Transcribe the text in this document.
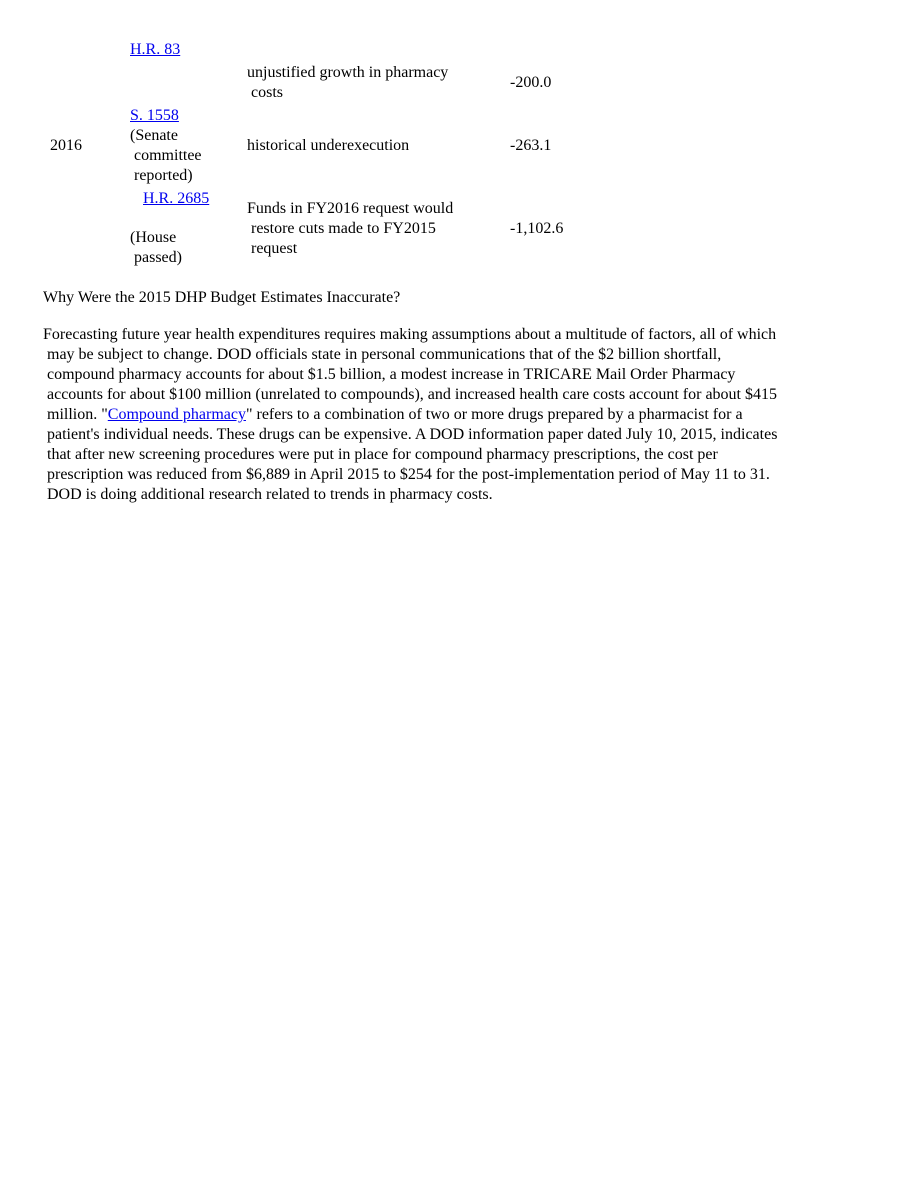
H.R. 83
unjustified growth in pharmacy
costs
-200.0
2016
S. 1558
(Senate
committee
reported)
historical underexecution	-263.1
H.R. 2685
(House
passed)
Funds in FY2016 request would
restore cuts made to FY2015
request
-1,102.6
Why Were the 2015 DHP Budget Estimates Inaccurate?
Forecasting future year health expenditures requires making assumptions about a multitude of factors, all of which
may be subject to change. DOD officials state in personal communications that of the $2 billion shortfall,
compound pharmacy accounts for about $1.5 billion, a modest increase in TRICARE Mail Order Pharmacy
accounts for about $100 million (unrelated to compounds), and increased health care costs account for about $415
million. "Compound pharmacy" refers to a combination of two or more drugs prepared by a pharmacist for a
patient's individual needs. These drugs can be expensive. A DOD information paper dated July 10, 2015, indicates
that after new screening procedures were put in place for compound pharmacy prescriptions, the cost per
prescription was reduced from $6,889 in April 2015 to $254 for the post-implementation period of May 11 to 31.
DOD is doing additional research related to trends in pharmacy costs.
